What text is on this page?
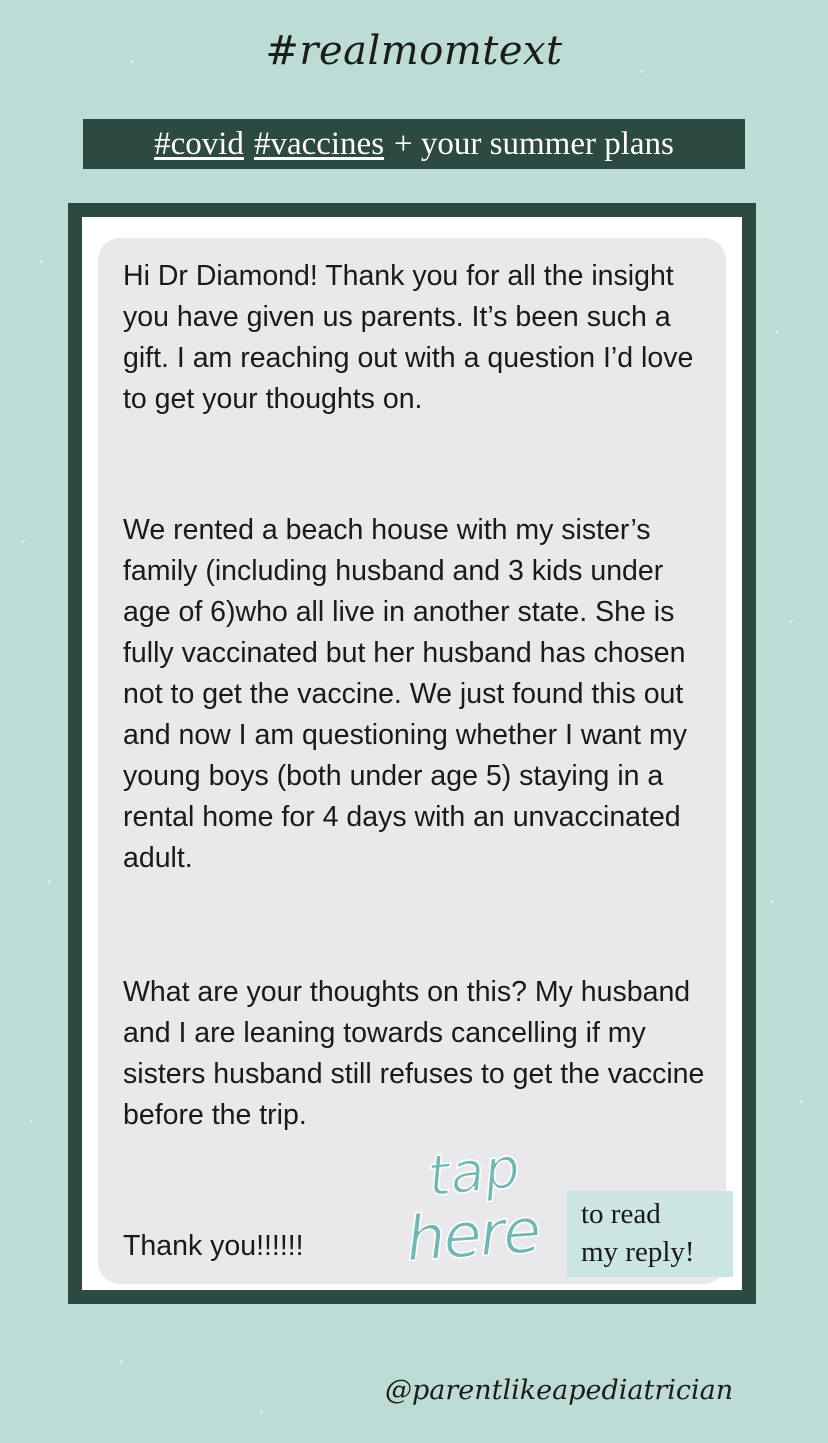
#realmomtext
#covid #vaccines + your summer plans
Hi Dr Diamond! Thank you for all the insight you have given us parents. It’s been such a gift. I am reaching out with a question I’d love to get your thoughts on.
We rented a beach house with my sister’s family (including husband and 3 kids under age of 6)who all live in another state. She is fully vaccinated but her husband has chosen not to get the vaccine. We just found this out and now I am questioning whether I want my young boys (both under age 5) staying in a rental home for 4 days with an unvaccinated adult.
What are your thoughts on this? My husband and I are leaning towards cancelling if my sisters husband still refuses to get the vaccine before the trip.
Thank you!!!!!!
tap
here to read
my reply!
@parentlikeapediatrician
